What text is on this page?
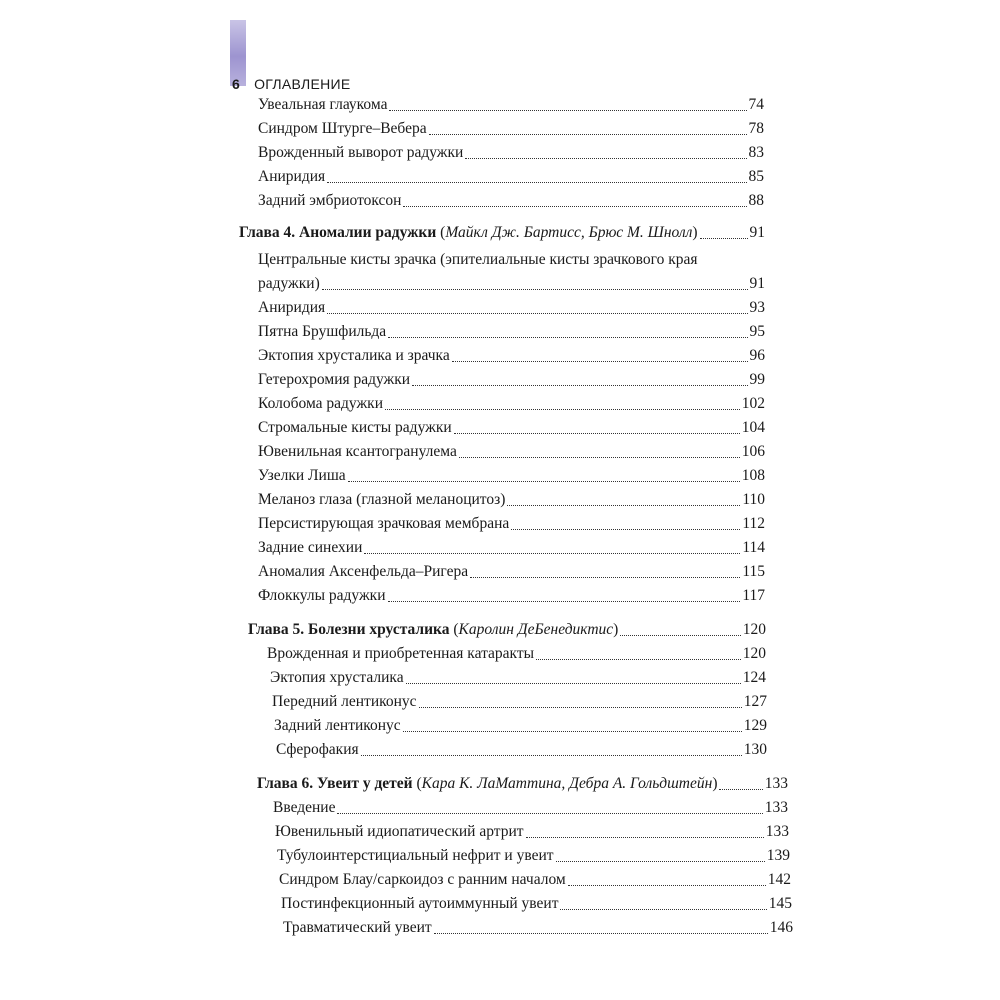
6 ОГЛАВЛЕНИЕ
Увеальная глаукома	74
Синдром Штурге–Вебера	78
Врожденный выворот радужки	83
Аниридия	85
Задний эмбриотоксон	88
Глава 4. Аномалии радужки (Майкл Дж. Бартисс, Брюс М. Шнолл)	91
Центральные кисты зрачка (эпителиальные кисты зрачкового края
радужки)	91
Аниридия	93
Пятна Брушфильда	95
Эктопия хрусталика и зрачка	96
Гетерохромия радужки	99
Колобома радужки	102
Стромальные кисты радужки	104
Ювенильная ксантогранулема	106
Узелки Лиша	108
Меланоз глаза (глазной меланоцитоз)	110
Персистирующая зрачковая мембрана	112
Задние синехии	114
Аномалия Аксенфельда–Ригера	115
Флоккулы радужки	117
Глава 5. Болезни хрусталика (Каролин ДеБенедиктис)	120
Врожденная и приобретенная катаракты	120
Эктопия хрусталика	124
Передний лентиконус	127
Задний лентиконус	129
Сферофакия	130
Глава 6. Увеит у детей (Кара К. ЛаМаттина, Дебра А. Гольдштейн)	133
Введение	133
Ювенильный идиопатический артрит	133
Тубулоинтерстициальный нефрит и увеит	139
Синдром Блау/саркоидоз с ранним началом	142
Постинфекционный аутоиммунный увеит	145
Травматический увеит	146
